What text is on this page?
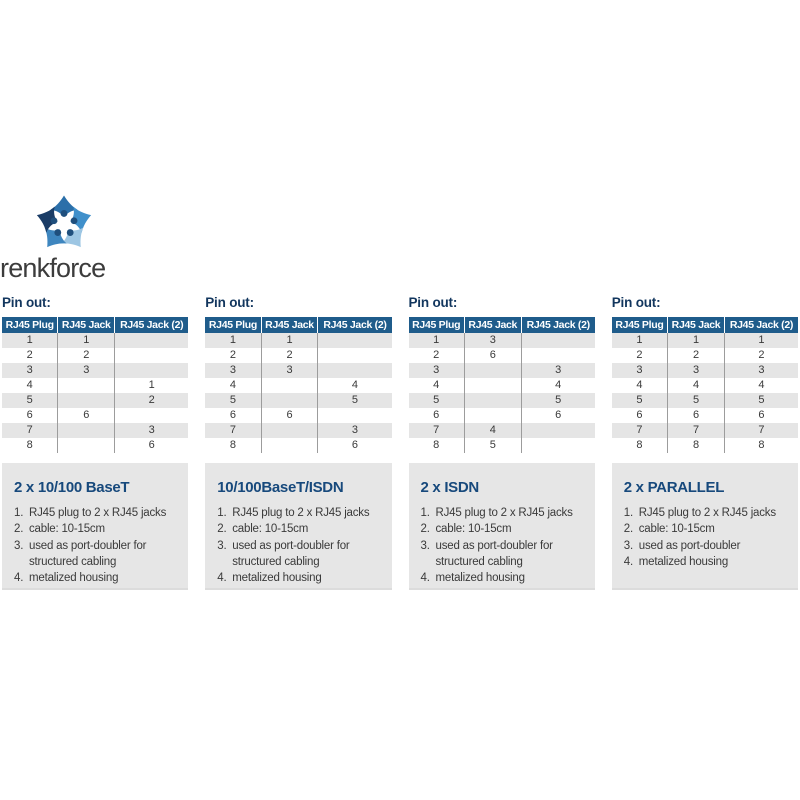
renkforce
Pin out:
RJ45 Plug	RJ45 Jack	RJ45 Jack (2)
1	1	
2	2	
3	3	
4		1
5		2
6	6	
7		3
8		6
2 x 10/100 BaseT
RJ45 plug to 2 x RJ45 jacks
cable: 10-15cm
used as port-doubler for structured cabling
metalized housing
Pin out:
RJ45 Plug	RJ45 Jack	RJ45 Jack (2)
1	1	
2	2	
3	3	
4		4
5		5
6	6	
7		3
8		6
10/100BaseT/ISDN
RJ45 plug to 2 x RJ45 jacks
cable: 10-15cm
used as port-doubler for structured cabling
metalized housing
Pin out:
RJ45 Plug	RJ45 Jack	RJ45 Jack (2)
1	3	
2	6	
3		3
4		4
5		5
6		6
7	4	
8	5	
2 x ISDN
RJ45 plug to 2 x RJ45 jacks
cable: 10-15cm
used as port-doubler for structured cabling
metalized housing
Pin out:
RJ45 Plug	RJ45 Jack	RJ45 Jack (2)
1	1	1
2	2	2
3	3	3
4	4	4
5	5	5
6	6	6
7	7	7
8	8	8
2 x PARALLEL
RJ45 plug to 2 x RJ45 jacks
cable: 10-15cm
used as port-doubler
metalized housing
